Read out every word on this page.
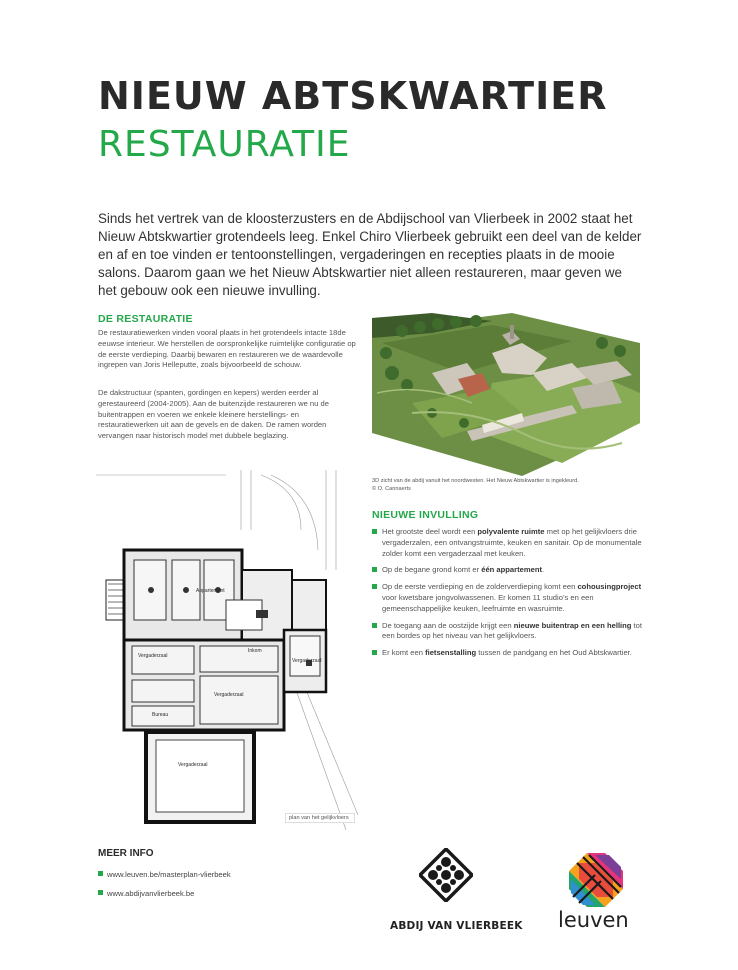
NIEUW ABTSKWARTIER
RESTAURATIE

Sinds het vertrek van de kloosterzusters en de Abdijschool van Vlierbeek in 2002 staat het Nieuw Abtskwartier grotendeels leeg. Enkel Chiro Vlierbeek gebruikt een deel van de kelder en af en toe vinden er tentoonstellingen, vergaderingen en recepties plaats in de mooie salons. Daarom gaan we het Nieuw Abtskwartier niet alleen restaureren, maar geven we het gebouw ook een nieuwe invulling.

DE RESTAURATIE

De restauratiewerken vinden vooral plaats in het grotendeels intacte 18de eeuwse interieur. We herstellen de oorspronkelijke ruimtelijke configuratie op de eerste verdieping. Daarbij bewaren en restaureren we de waardevolle ingrepen van Joris Helleputte, zoals bijvoorbeeld de schouw.

De dakstructuur (spanten, gordingen en kepers) werden eerder al gerestaureerd (2004-2005). Aan de buitenzijde restaureren we nu de buitentrappen en voeren we enkele kleinere herstellings- en restauratiewerken uit aan de gevels en de daken. De ramen worden vervangen naar historisch model met dubbele beglazing.

3D zicht van de abdij vanuit het noordwesten. Het Nieuw Abtskwartier is ingekleurd.
© O. Cannaerts
Appartement
Vergaderzaal
Vergaderzaal
Vergaderzaal
Vergaderzaal
Inkom
Bureau
plan van het gelijkvloers
NIEUWE INVULLING
Het grootste deel wordt een polyvalente ruimte met op het gelijkvloers drie vergaderzalen, een ontvangstruimte, keuken en sanitair. Op de monumentale zolder komt een vergaderzaal met keuken.
Op de begane grond komt er één appartement.
Op de eerste verdieping en de zolderverdieping komt een cohousingproject voor kwetsbare jongvolwassenen. Er komen 11 studio’s en een gemeenschappelijke keuken, leefruimte en wasruimte.
De toegang aan de oostzijde krijgt een nieuwe buitentrap en een helling tot een bordes op het niveau van het gelijkvloers.
Er komt een fietsenstalling tussen de pandgang en het Oud Abtskwartier.
MEER INFO
www.leuven.be/masterplan-vlierbeek
www.abdijvanvlierbeek.be
ABDIJ VAN VLIERBEEK leuven
